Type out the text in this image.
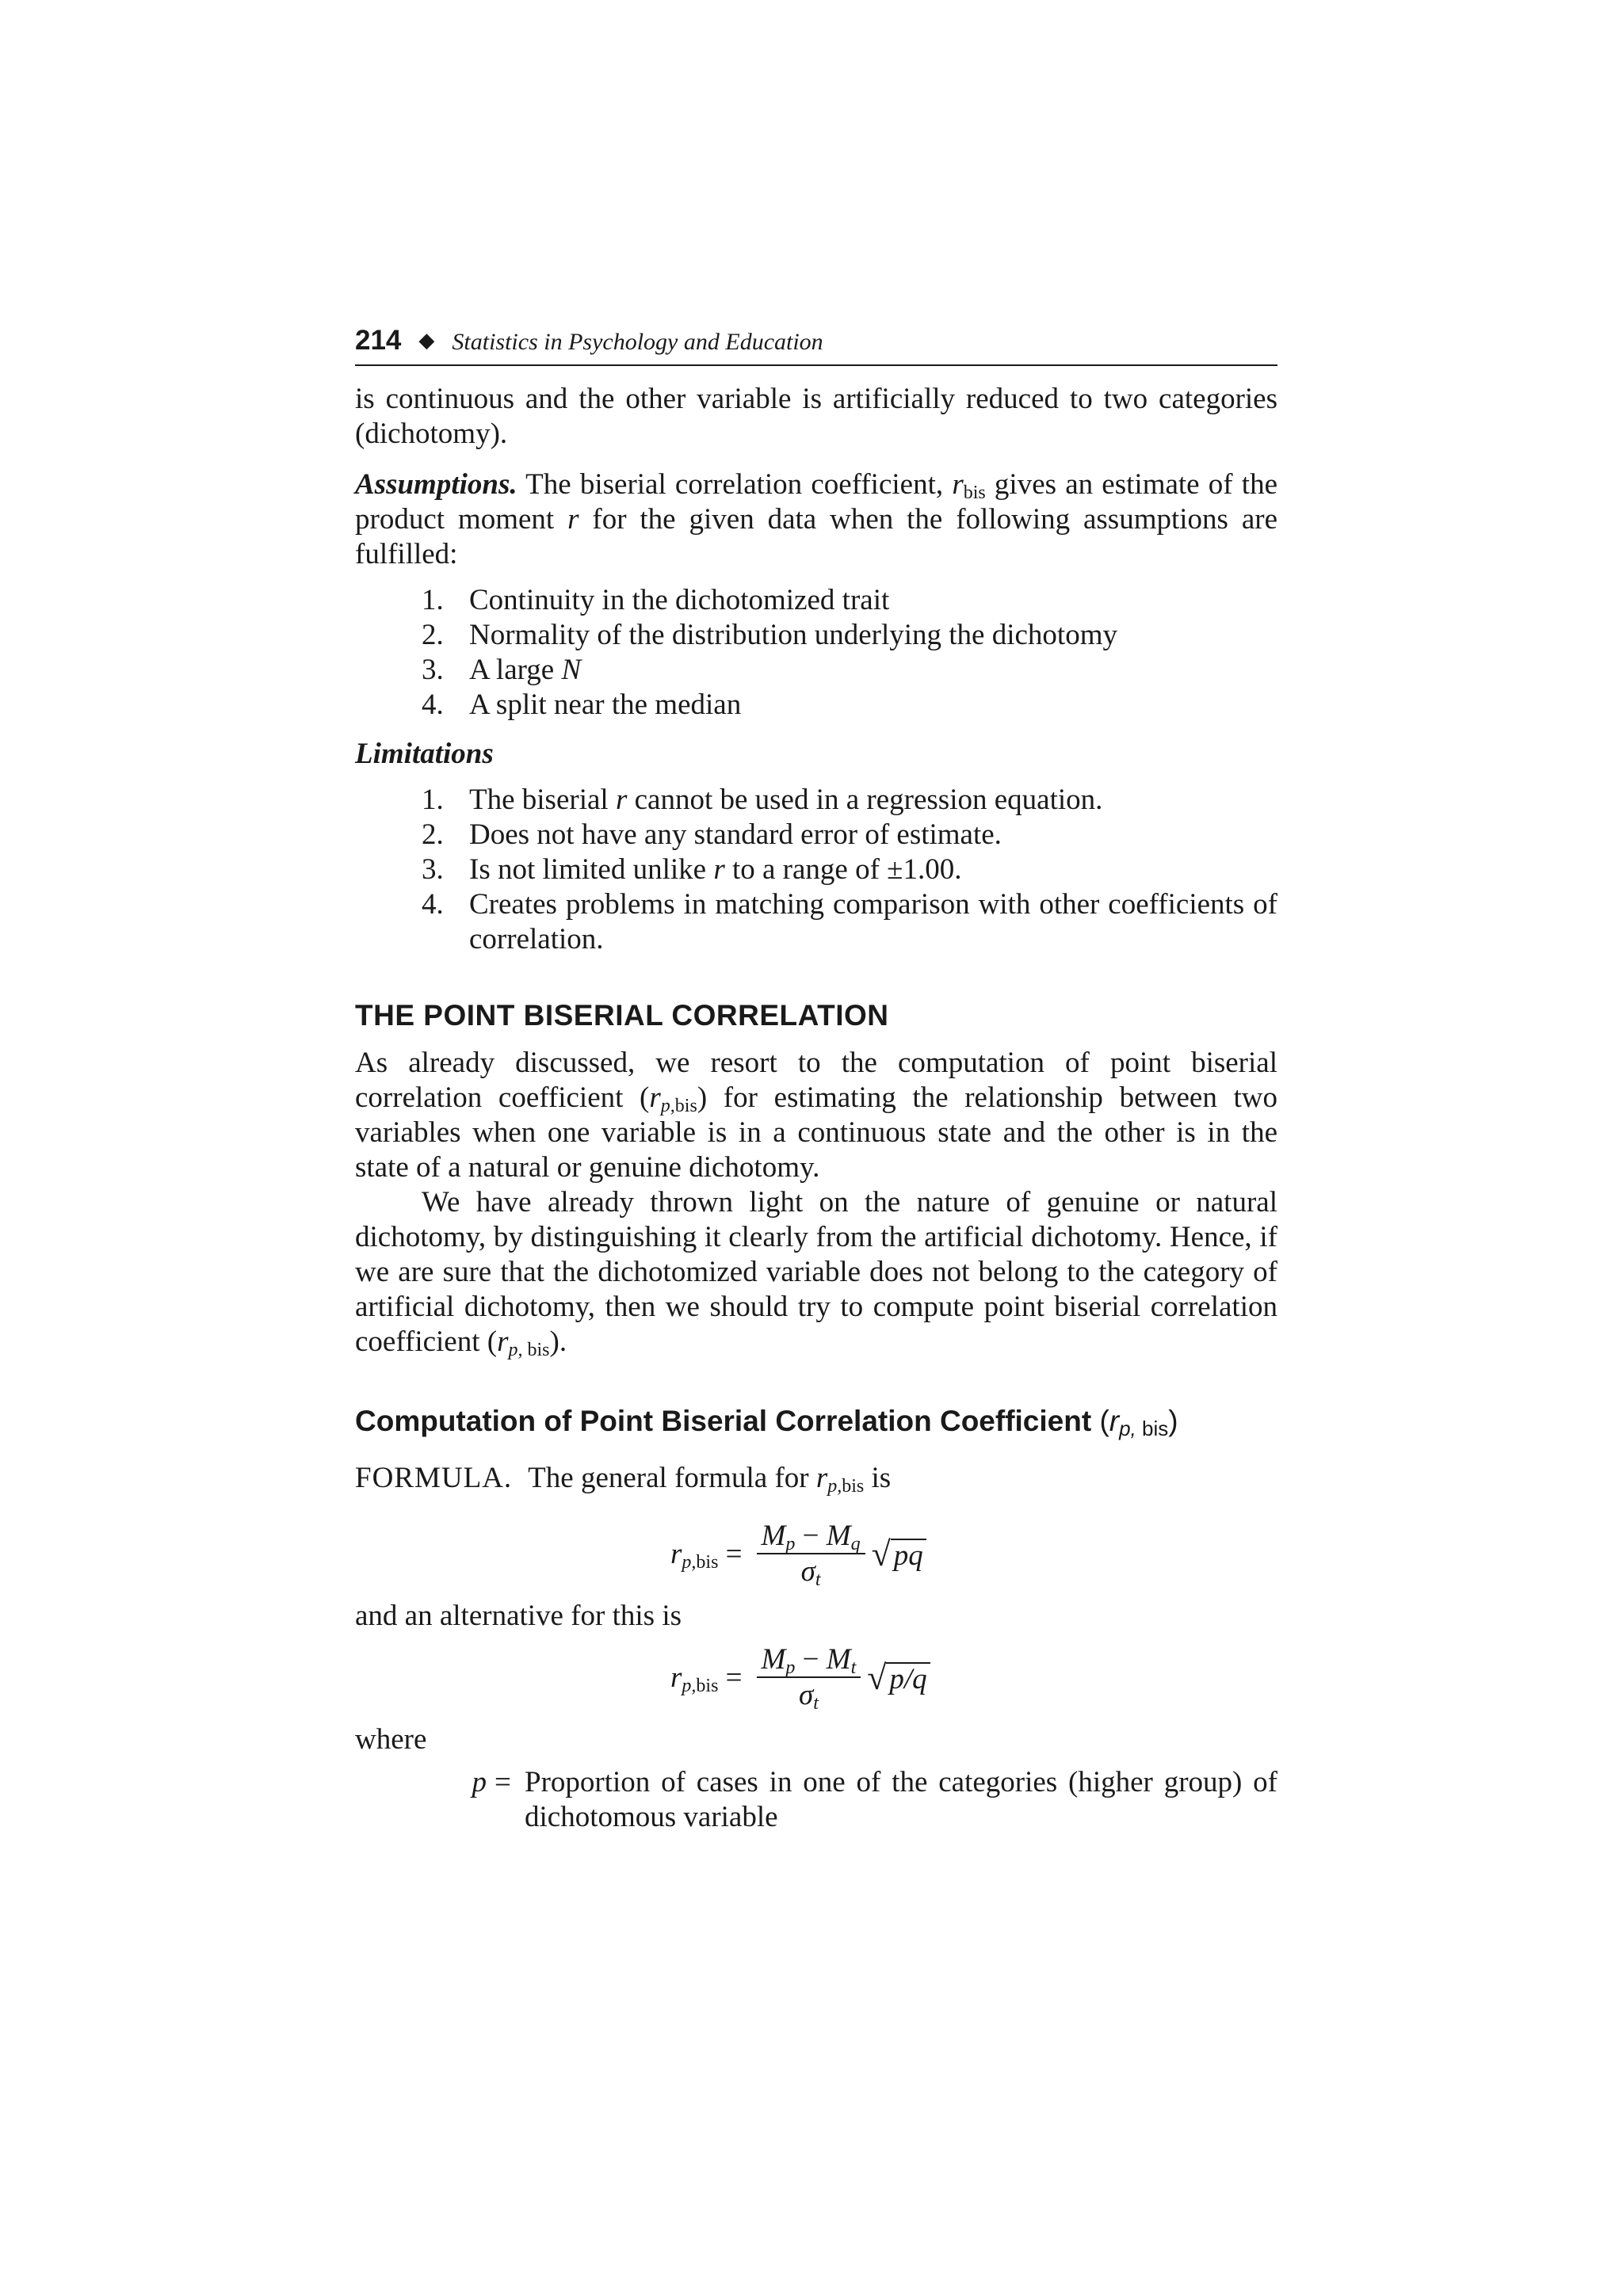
214 ◆ Statistics in Psychology and Education

is continuous and the other variable is artificially reduced to two categories (dichotomy).

Assumptions. The biserial correlation coefficient, $r_{bis}$ gives an estimate of the product moment r for the given data when the following assumptions are fulfilled:

1. Continuity in the dichotomized trait
2. Normality of the distribution underlying the dichotomy
3. A large N
4. A split near the median
Limitations
1. The biserial r cannot be used in a regression equation.
2. Does not have any standard error of estimate.
3. Is not limited unlike r to a range of ±1.00.
4. Creates problems in matching comparison with other coefficients of correlation.
THE POINT BISERIAL CORRELATION

As already discussed, we resort to the computation of point biserial correlation coefficient $(r_{p,bis})$ for estimating the relationship between two variables when one variable is in a continuous state and the other is in the state of a natural or genuine dichotomy.

We have already thrown light on the nature of genuine or natural dichotomy, by distinguishing it clearly from the artificial dichotomy. Hence, if we are sure that the dichotomized variable does not belong to the category of artificial dichotomy, then we should try to compute point biserial correlation coefficient ($r_{p,}$ $_{bis}$).

Computation of Point Biserial Correlation Coefficient ($r_{p,}$ $_{bis}$)

FORMULA. The general formula for $r_{p,bis}$ is

$r_{p,bis} = \frac{M_p - M_q}{\sigma_t}$ √ pq

and an alternative for this is

$r_{p,bis} = \frac{M_p - M_t}{\sigma_t}$ √ p/q

where

p = Proportion of cases in one of the categories (higher group) of dichotomous variable
